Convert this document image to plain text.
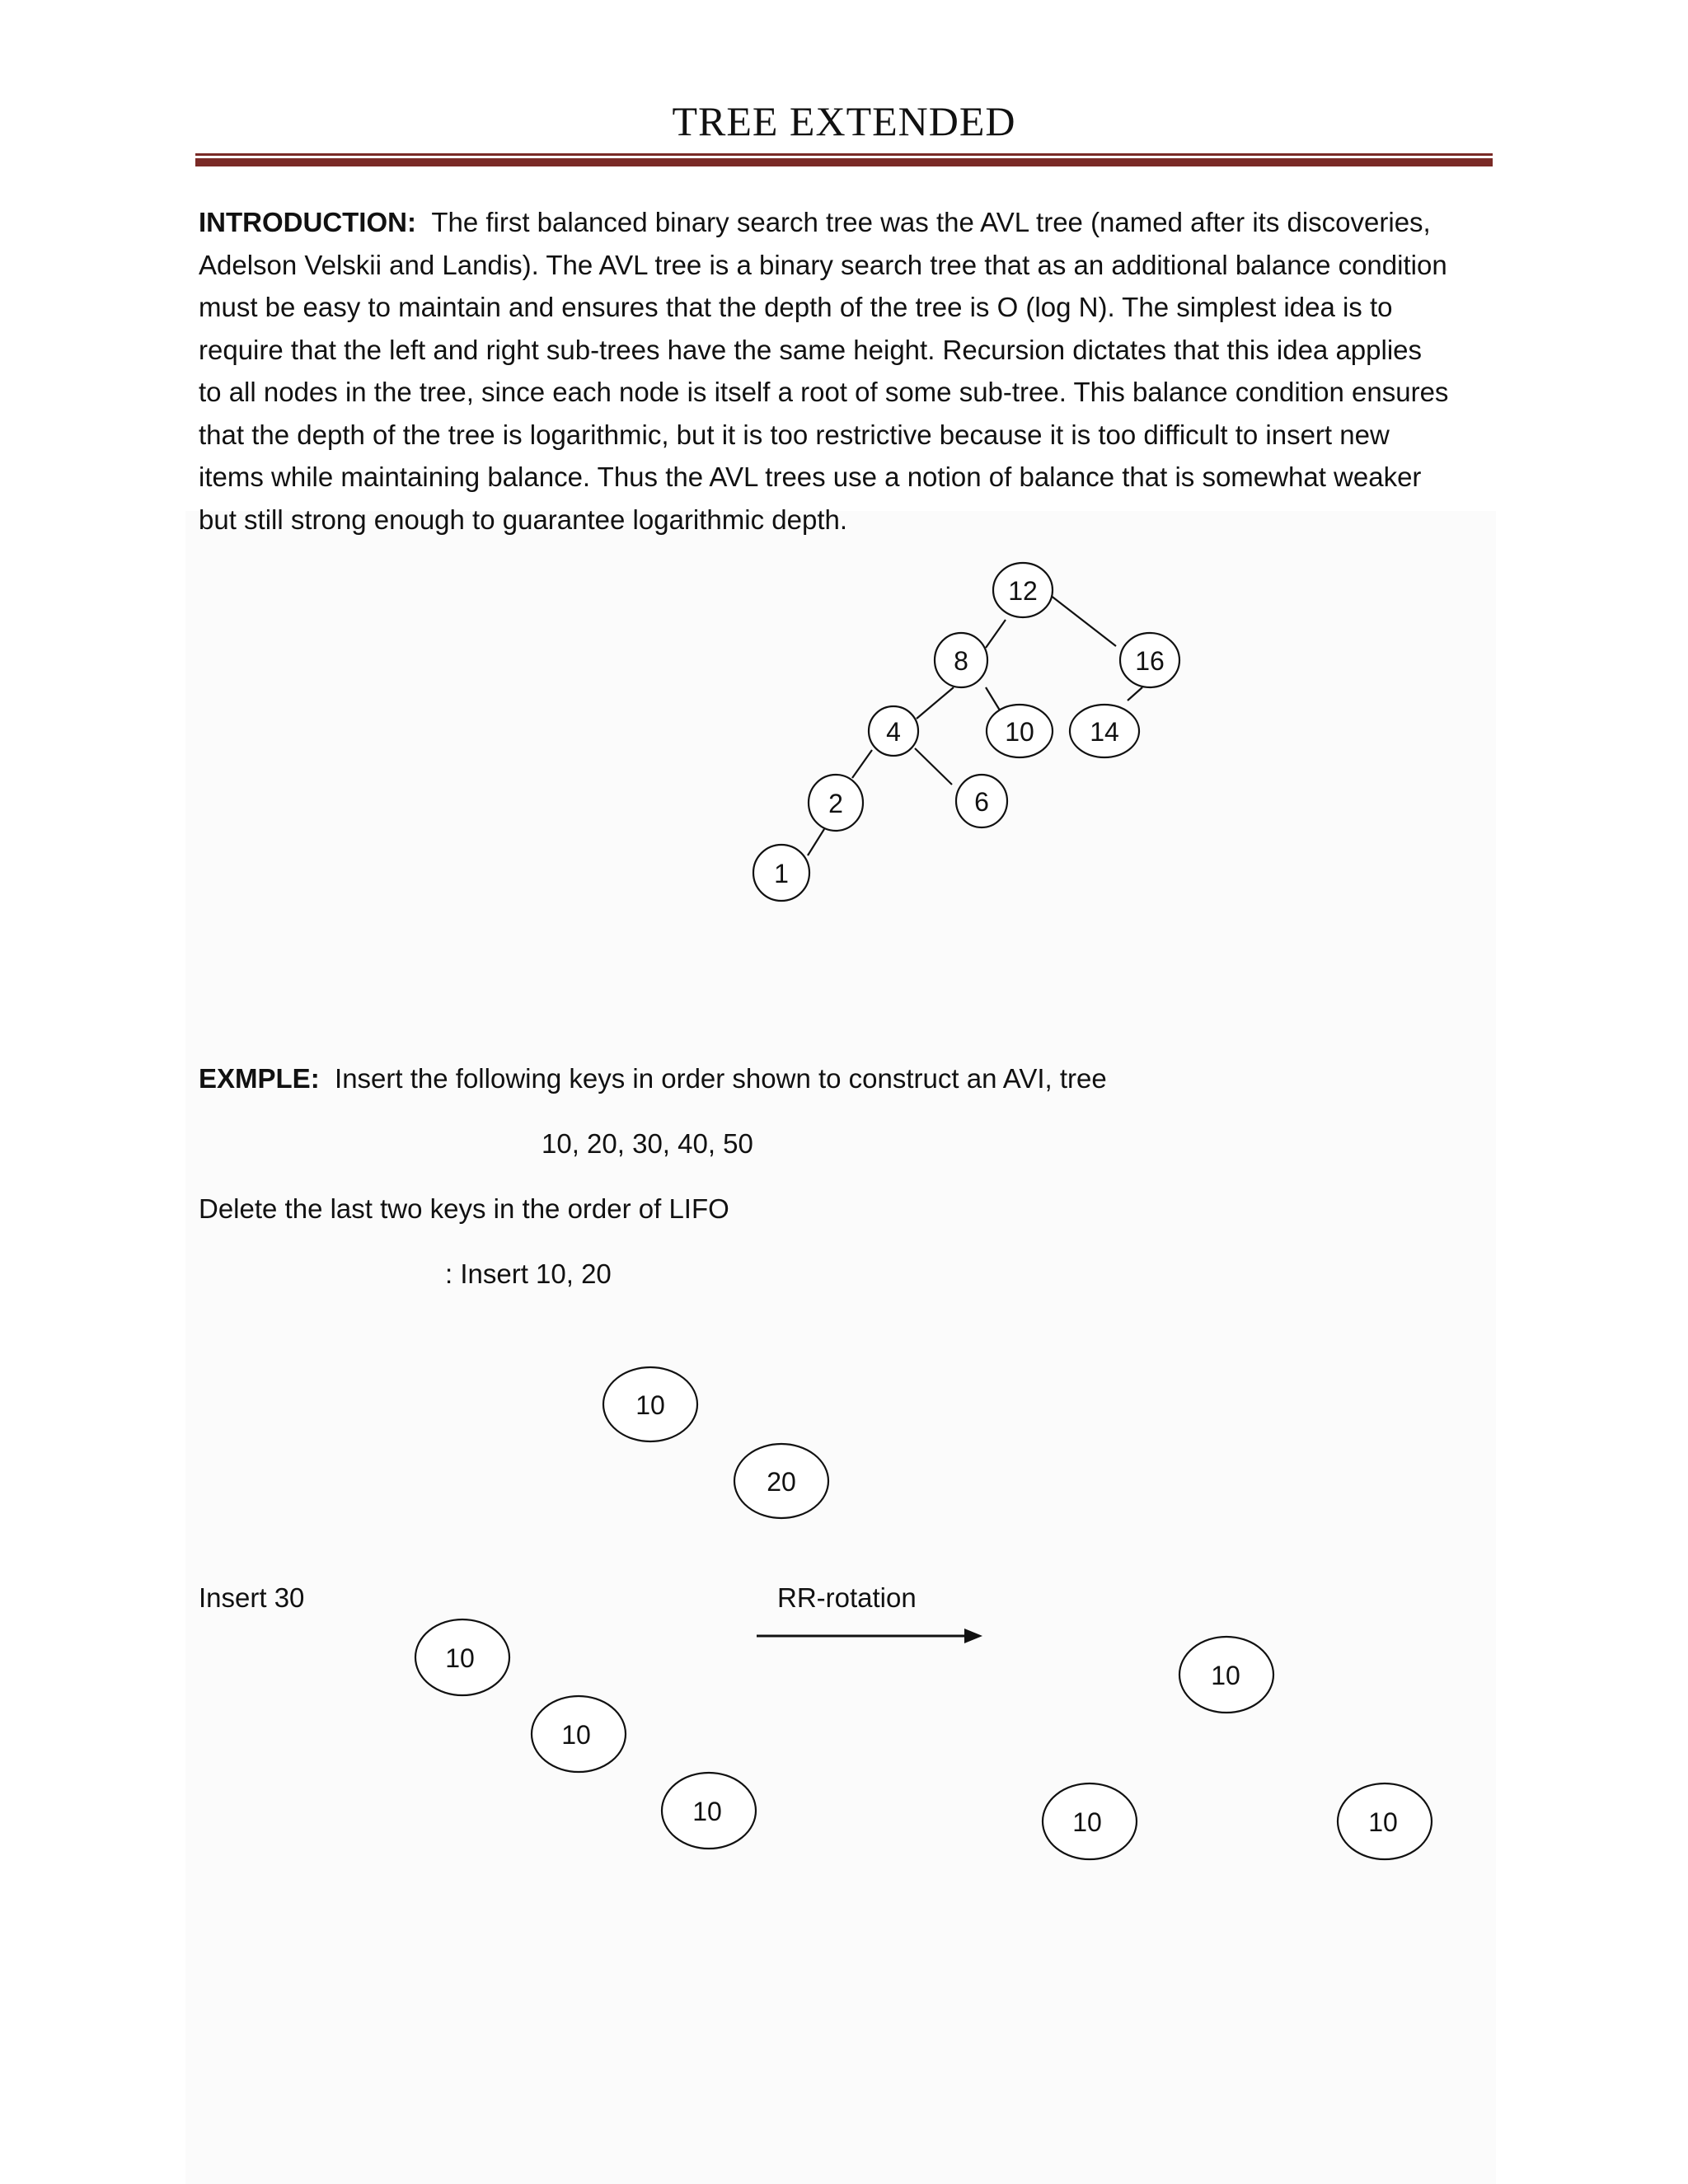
TREE EXTENDED
INTRODUCTION: The first balanced binary search tree was the AVL tree (named after its discoveries,
Adelson Velskii and Landis). The AVL tree is a binary search tree that as an additional balance condition
must be easy to maintain and ensures that the depth of the tree is O (log N). The simplest idea is to
require that the left and right sub-trees have the same height. Recursion dictates that this idea applies
to all nodes in the tree, since each node is itself a root of some sub-tree. This balance condition ensures
that the depth of the tree is logarithmic, but it is too restrictive because it is too difficult to insert new
items while maintaining balance. Thus the AVL trees use a notion of balance that is somewhat weaker
but still strong enough to guarantee logarithmic depth.
12
8	16
4	10 14
2	6
1
10
20
10
10
10
10
10	10
EXMPLE: Insert the following keys in order shown to construct an AVI, tree
10, 20, 30, 40, 50
Delete the last two keys in the order of LIFO
: Insert 10, 20
Insert 30	RR-rotation
